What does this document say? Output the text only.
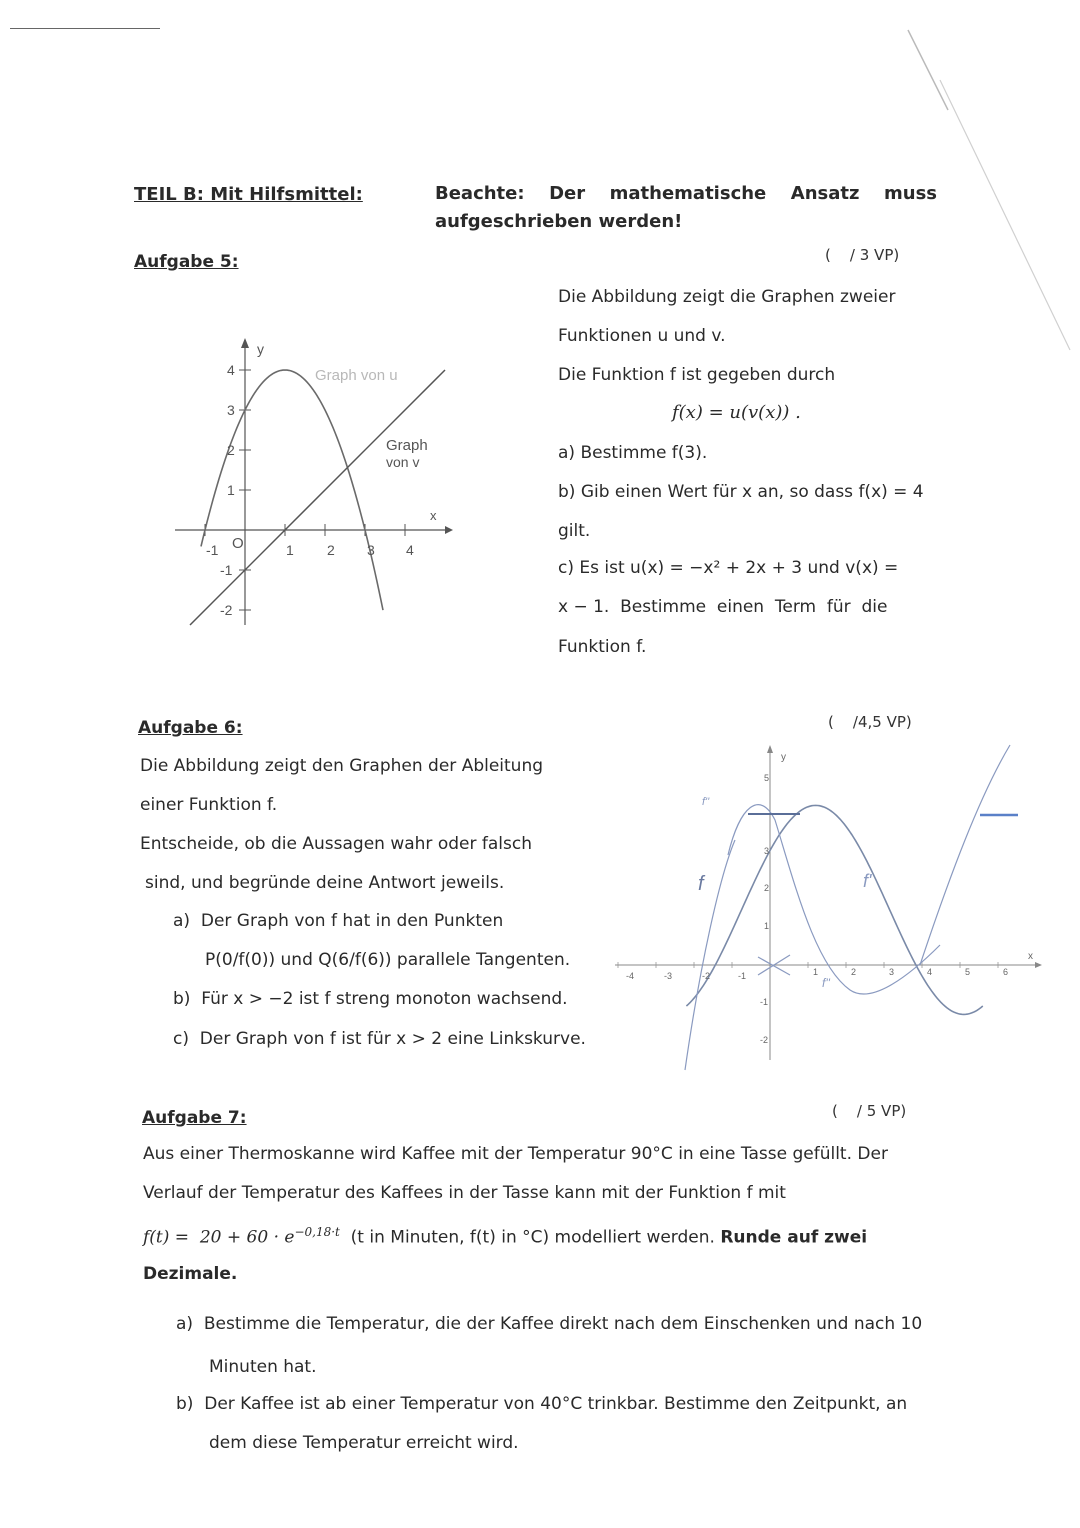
TEIL B: Mit Hilfsmittel:	Beachte: Der mathematische Ansatz muss aufgeschrieben werden!
Aufgabe 5:	(    / 3 VP)
Die Abbildung zeigt die Graphen zweier
Funktionen u und v.
Die Funktion f ist gegeben durch
f(x) = u(v(x)) .
a) Bestimme f(3).
b) Gib einen Wert für x an, so dass f(x) = 4
gilt.
c) Es ist u(x) = −x² + 2x + 3 und v(x) =
x − 1.  Bestimme  einen  Term  für  die
Funktion f.
Graph von u
Graph
von v
x
y
O
-1	1 2 3 4
4
3
2
1
-1
-2
Aufgabe 6:	(    /4,5 VP)
Die Abbildung zeigt den Graphen der Ableitung
einer Funktion f.
Entscheide, ob die Aussagen wahr oder falsch
sind, und begründe deine Antwort jeweils.
a)  Der Graph von f hat in den Punkten
P(0/f(0)) und Q(6/f(6)) parallele Tangenten.
b)  Für x > −2 ist f streng monoton wachsend.
c)  Der Graph von f ist für x > 2 eine Linkskurve.
x
y
-4	-3	-2	-1	1	2	3	4	5	6
5
3
2
1
-1
-2
f	f'
f''
f''
Aufgabe 7:	(    / 5 VP)
Aus einer Thermoskanne wird Kaffee mit der Temperatur 90°C in eine Tasse gefüllt. Der
Verlauf der Temperatur des Kaffees in der Tasse kann mit der Funktion f mit
$f(t) = 20 + 60 \cdot e^{-0,18\cdot t}$  (t in Minuten, f(t) in °C) modelliert werden. Runde auf zwei
Dezimale.
a)  Bestimme die Temperatur, die der Kaffee direkt nach dem Einschenken und nach 10
Minuten hat.
b)  Der Kaffee ist ab einer Temperatur von 40°C trinkbar. Bestimme den Zeitpunkt, an
dem diese Temperatur erreicht wird.
